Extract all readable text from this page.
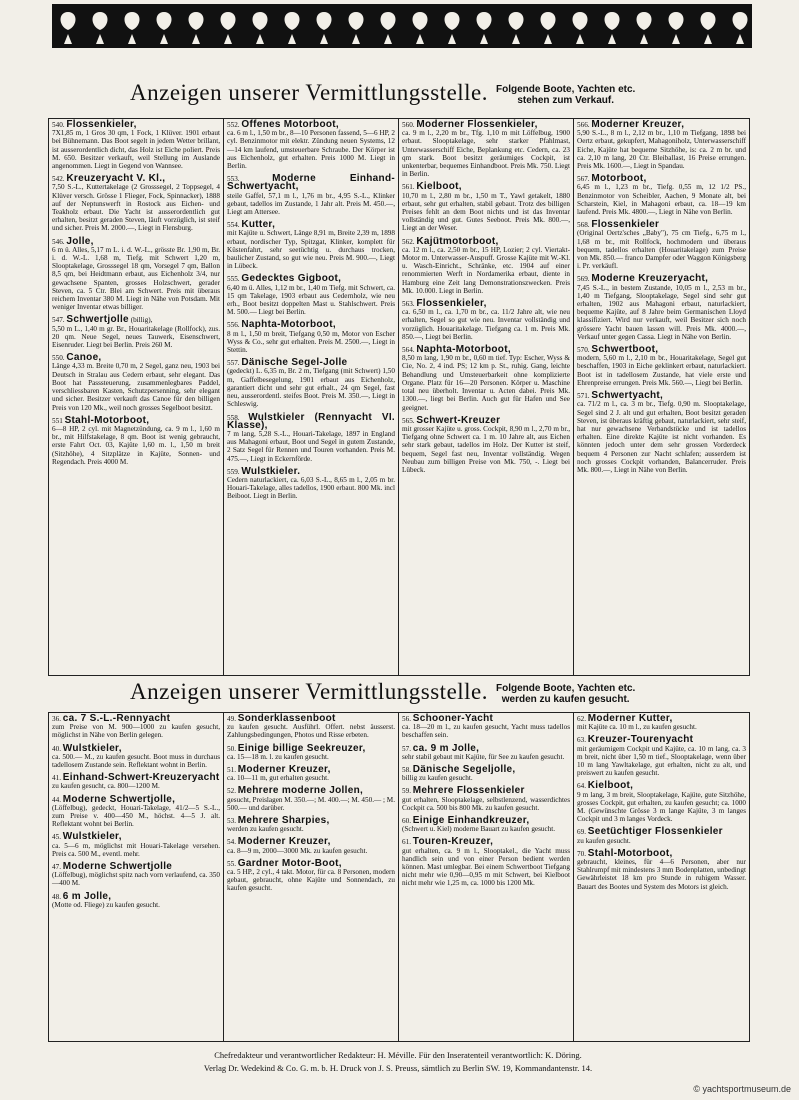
Anzeigen unserer Vermittlungsstelle. Folgende Boote, Yachten etc.
stehen zum Verkauf.
540. Flossenkieler,
7X1,85 m, 1 Gros 30 qm, 1 Fock, 1 Klüver. 1901 erbaut bei Bühnemann. Das Boot segelt in jedem Wetter brillant, ist ausserordentlich dicht, das Holz ist Eiche poliert. Preis M. 650. Besitzer verkauft, weil Stellung im Auslande angenommen. Liegt in Gegend von Wannsee.
542. Kreuzeryacht V. Kl.,
7,50 S.-L., Kuttertakelage (2 Grosssegel, 2 Toppsegel, 4 Klüver versch. Grösse 1 Flieger, Fock, Spinnacker), 1888 auf der Neptunswerft in Rostock aus Eichen- und Teakholz erbaut. Die Yacht ist ausserordentlich gut erhalten, besitzt geraden Steven, läuft vorzüglich, ist steif und sicher. Preis M. 2000.—, Liegt in Flensburg.
546. Jolle,
6 m ü. Alles, 5,17 m L. i. d. W.-L., grösste Br. 1,90 m, Br. i. d. W.-L. 1,68 m, Tiefg. mit Schwert 1,20 m, Slooptakelage, Grosssegel 18 qm, Vorsegel 7 qm, Ballon 8,5 qm, bei Heidtmann erbaut, aus Eichenholz 3/4, nur gewachsene Spanten, grosses Holzschwert, gerader Steven, ca. 5 Ctr. Blei am Schwert. Preis mit überaus reichem Inventar 380 M. Liegt in Nähe von Potsdam. Mit weniger Inventar etwas billiger.
547. Schwertjolle (billig),
5,50 m L., 1,40 m gr. Br., Houaritakelage (Rollfock), zus. 20 qm. Neue Segel, neues Tauwerk, Eisenschwert, Eisenruder. Liegt bei Berlin. Preis 260 M.
550. Canoe,
Länge 4,33 m. Breite 0,70 m, 2 Segel, ganz neu, 1903 bei Deutsch in Stralau aus Cedern erbaut, sehr elegant. Das Boot hat Passsteuerung, zusammenlegbares Paddel, verschliessbaren Kasten, Schutzpersenning, sehr elegant und sicher. Besitzer verkauft das Canoe für den billigen Preis von 120 Mk., weil noch grosses Segelboot besitzt.
551 Stahl-Motorboot,
6—8 HP, 2 cyl. mit Magnetzündung, ca. 9 m l., 1,60 m br., mit Hilfstakelage, 8 qm. Boot ist wenig gebraucht, erste Fahrt Oct. 03, Kajüte 1,60 m. l., 1,50 m breit (Sitzhöhe), 4 Sitzplätze in Kajüte, Sonnen- und Regendach. Preis 4000 M.
552. Offenes Motorboot,
ca. 6 m l., 1,50 m br., 8—10 Personen fassend, 5—6 HP, 2 cyl. Benzinmotor mit elektr. Zündung neuen Systems, 12—14 km laufend, umsteuerbare Schraube. Der Körper ist aus Eichenholz, gut erhalten. Preis 1000 M. Liegt in Berlin.
553.	Moderne Einhand-Schwertyacht,
steile Gaffel, 57,1 m l., 1,76 m br., 4,95 S.-L., Klinker gebaut, tadellos im Zustande, 1 Jahr alt. Preis M. 450.—, Liegt am Attersee.
554. Kutter,
mit Kajüte u. Schwert, Länge 8,91 m, Breite 2,39 m, 1898 erbaut, nordischer Typ, Spitzgat, Klinker, komplett für Küstenfahrt, sehr seetüchtig u. durchaus trocken, baulicher Zustand, so gut wie neu. Preis M. 900.—, Liegt in Lübeck.
555. Gedecktes Gigboot,
6,40 m ü. Alles, 1,12 m br., 1,40 m Tiefg. mit Schwert, ca. 15 qm Takelage, 1903 erbaut aus Cedernholz, wie neu erh., Boot besitzt doppelten Mast u. Stahlschwert. Preis M. 500.— Liegt bei Berlin.
556. Naphta-Motorboot,
8 m l., 1,50 m breit, Tiefgang 0,50 m, Motor von Escher Wyss & Co., sehr gut erhalten. Preis M. 2500.—, Liegt in Stettin.
557. Dänische Segel-Jolle
(gedeckt) L. 6,35 m, Br. 2 m, Tiefgang (mit Schwert) 1,50 m, Gaffelbesegelung, 1901 erbaut aus Eichenholz, garantiert dicht und sehr gut erhalt., 24 qm Segel, fast neu, ausserordentl. steifes Boot. Preis M. 350.—, Liegt in Schleswig.
558. Wulstkieler (Rennyacht VI. Klasse),
7 m lang, 5,28 S.-L., Houari-Takelage, 1897 in England aus Mahagoni erbaut, Boot und Segel in gutem Zustande, 2 Satz Segel für Rennen und Touren vorhanden. Preis M. 475.—, Liegt in Eckernförde.
559. Wulstkieler.
Cedern naturlackiert, ca. 6,03 S.-L., 8,65 m l., 2,05 m br. Houari-Takelage, alles tadellos, 1900 erbaut. 800 Mk. incl Beiboot. Liegt in Berlin.
560. Moderner Flossenkieler,
ca. 9 m l., 2,20 m br., Tfg. 1,10 m mit Löffelbug, 1900 erbaut. Slooptakelage, sehr starker Pfahlmast, Unterwasserschiff Eiche, Beplankung etc. Cedern, ca. 23 qm stark. Boot besitzt geräumiges Cockpit, ist unkenterbar, bequemes Einhandboot. Preis Mk. 750. Liegt in Berlin.
561. Kielboot,
10,70 m l., 2,80 m br., 1,50 m T., Yawl getakelt, 1880 erbaut, sehr gut erhalten, stabil gebaut. Trotz des billigen Preises fehlt an dem Boot nichts und ist das Inventar vollständig und gut. Gutes Seeboot. Preis Mk. 800.—, Liegt an der Weser.
562. Kajütmotorboot,
ca. 12 m l., ca. 2,50 m br., 15 HP, Lozier; 2 cyl. Viertakt-Motor m. Unterwasser-Auspuff. Grosse Kajüte mit W.-Kl. u. Wasch-Einricht., Schränke, etc. 1904 auf einer renommierten Werft in Nordamerika erbaut, diente in Hamburg eine Zeit lang Demonstrationszwecken. Preis Mk. 10.000. Liegt in Berlin.
563. Flossenkieler,
ca. 6,50 m l., ca. 1,70 m br., ca. 11/2 Jahre alt, wie neu erhalten, Segel so gut wie neu. Inventar vollständig und vorzüglich. Houaritakelage. Tiefgang ca. 1 m. Preis Mk. 850.—, Liegt bei Berlin.
564. Naphta-Motorboot,
8,50 m lang, 1,90 m br., 0,60 m tief. Typ: Escher, Wyss & Cie, No. 2, 4 ind. PS; 12 km p. St., ruhig. Gang, leichte Behandlung und Umsteuerbarkeit ohne komplizierte Organe. Platz für 16—20 Personen. Körper u. Maschine total neu überholt. Inventar u. Acten dabei. Preis Mk. 1300.—, liegt bei Berlin. Auch gut für Hafen und See geeignet.
565. Schwert-Kreuzer
mit grosser Kajüte u. gross. Cockpit, 8,90 m l., 2,70 m br., Tiefgang ohne Schwert ca. 1 m. 10 Jahre alt, aus Eichen sehr stark gebaut, tadellos im Holz. Der Kutter ist steif, bequem, Segel fast neu, Inventar vollständig. Wegen Neubau zum billigen Preise von Mk. 750, -. Liegt bei Lübeck.
566. Moderner Kreuzer,
5,90 S.-L., 8 m l., 2,12 m br., 1,10 m Tiefgang, 1898 bei Oertz erbaut, gekupfert, Mahagoniholz, Unterwasserschiff Eiche, Kajüte hat bequeme Sitzhöhe, is: ca. 2 m br. und ca. 2,10 m lang, 20 Ctr. Bleiballast, 16 Preise errungen. Preis Mk. 1600.—, Liegt in Spandau.
567. Motorboot,
6,45 m l., 1,23 m br., Tiefg. 0,55 m, 12 1/2 PS., Benzinmotor von Scheibler, Aachen, 9 Monate alt, bei Scharstein, Kiel, in Mahagoni erbaut, ca. 18—19 km laufend. Preis Mk. 4800.—, Liegt in Nähe von Berlin.
568. Flossenkieler
(Original Oertz'sches „Baby"), 75 cm Tiefg., 6,75 m l., 1,68 m br., mit Rollfock, hochmodern und überaus bequem, tadellos erhalten (Houaritakelage) zum Preise von Mk. 850.— franco Dampfer oder Waggon Königsberg i. Pr. verkäufl.
569. Moderne Kreuzeryacht,
7,45 S.-L., in bestem Zustande, 10,05 m l., 2,53 m br., 1,40 m Tiefgang, Slooptakelage, Segel sind sehr gut erhalten, 1902 aus Mahagoni erbaut, naturlackiert, bequeme Kajüte, auf 8 Jahre beim Germanischen Lloyd klassifiziert. Wird nur verkauft, weil Besitzer sich noch grössere Yacht bauen lassen will. Preis Mk. 4000.—, Verkauf unter gegen Cassa. Liegt in Nähe von Berlin.
570. Schwertboot,
modern, 5,60 m l., 2,10 m br., Houaritakelage, Segel gut beschaffen, 1903 in Eiche geklinkert erbaut, naturlackiert. Boot ist in tadellosem Zustande, hat viele erste und Ehrenpreise errungen. Preis Mk. 560.—, Liegt bei Berlin.
571. Schwertyacht,
ca. 71/2 m l., ca. 3 m br., Tiefg. 0,90 m. Slooptakelage, Segel sind 2 J. alt und gut erhalten, Boot besitzt geraden Steven, ist überaus kräftig gebaut, naturlackiert, sehr steif, hat nur gewachsene Verbandstücke und ist tadellos erhalten. Eine direkte Kajüte ist nicht vorhanden. Es könnten jedoch unter dem sehr grossen Vorderdeck bequem 4 Personen zur Nacht schlafen; ausserdem ist noch grosses Cockpit vorhanden, Balancerruder. Preis Mk. 800.—, Liegt in Nähe von Berlin.
Anzeigen unserer Vermittlungsstelle. Folgende Boote, Yachten etc.
werden zu kaufen gesucht.
36. ca. 7 S.-L.-Rennyacht
zum Preise von M. 900—1000 zu kaufen gesucht, möglichst in Nähe von Berlin gelegen.
40. Wulstkieler,
ca. 500.— M., zu kaufen gesucht. Boot muss in durchaus tadellosem Zustande sein. Reflektant wohnt in Berlin.
41. Einhand-Schwert-Kreuzeryacht
zu kaufen gesucht, ca. 800—1200 M.
44. Moderne Schwertjolle,
(Löffelbug), gedeckt, Houari-Takelage, 41/2—5 S.-L., zum Preise v. 400—450 M., höchst. 4—5 J. alt. Reflektant wohnt bei Berlin.
45. Wulstkieler,
ca. 5—6 m, möglichst mit Houari-Takelage versehen. Preis ca. 500 M., eventl. mehr.
47. Moderne Schwertjolle
(Löffelbug), möglichst spitz nach vorn verlaufend, ca. 350—400 M.
48. 6 m Jolle,
(Motte od. Fliege) zu kaufen gesucht.
49. Sonderklassenboot
zu kaufen gesucht. Ausführl. Offert. nebst äusserst. Zahlungsbedingungen, Photos und Risse erbeten.
50. Einige billige Seekreuzer,
ca. 15—18 m. l. zu kaufen gesucht.
51. Moderner Kreuzer,
ca. 10—11 m, gut erhalten gesucht.
52. Mehrere moderne Jollen,
gesucht, Preislagen M. 350.—; M. 400.—; M. 450.— ; M. 500.— und darüber.
53. Mehrere Sharpies,
werden zu kaufen gesucht.
54. Moderner Kreuzer,
ca. 8—9 m, 2000—3000 Mk. zu kaufen gesucht.
55. Gardner Motor-Boot,
ca. 5 HP., 2 cyl., 4 takt. Motor, für ca. 8 Personen, modern gebaut, gebraucht, ohne Kajüte und Sonnendach, zu kaufen gesucht.
56. Schooner-Yacht
ca. 18—20 m l., zu kaufen gesucht, Yacht muss tadellos beschaffen sein.
57. ca. 9 m Jolle,
sehr stabil gebaut mit Kajüte, für See zu kaufen gesucht.
58. Dänische Segeljolle,
billig zu kaufen gesucht.
59. Mehrere Flossenkieler
gut erhalten, Slooptakelage, selbstlenzend, wasserdichtes Cockpit ca. 500 bis 800 Mk. zu kaufen gesucht.
60. Einige Einhandkreuzer,
(Schwert u. Kiel) moderne Bauart zu kaufen gesucht.
61. Touren-Kreuzer,
gut erhalten, ca. 9 m l., Slooptakel., die Yacht muss handlich sein und von einer Person bedient werden können. Mast umlegbar. Bei einem Schwertboot Tiefgang nicht mehr wie 0,90—0,95 m mit Schwert, bei Kielboot nicht mehr wie 1,25 m, ca. 1000 bis 1200 Mk.
62. Moderner Kutter,
mit Kajüte ca. 10 m l., zu kaufen gesucht.
63. Kreuzer-Tourenyacht
mit geräumigem Cockpit und Kajüte, ca. 10 m lang, ca. 3 m breit, nicht über 1,50 m tief., Slooptakelage, wenn über 10 m lang Yawltakelage, gut erhalten, nicht zu alt, und preiswert zu kaufen gesucht.
64. Kielboot,
9 m lang, 3 m breit, Slooptakelage, Kajüte, gute Sitzhöhe, grosses Cockpit, gut erhalten, zu kaufen gesucht; ca. 1000 M. (Gewünschte Grösse 3 m lange Kajüte, 3 m langes Cockpit und 3 m langes Vordeck.
69. Seetüchtiger Flossenkieler
zu kaufen gesucht.
70. Stahl-Motorboot,
gebraucht, kleines, für 4—6 Personen, aber nur Stahlrumpf mit mindestens 3 mm Bodenplatten, unbedingt Gewährleistet 18 km pro Stunde in ruhigem Wasser. Bauart des Bootes und System des Motors ist gleich.
Chefredakteur und verantwortlicher Redakteur: H. Méville. Für den Inseratenteil verantwortlich: K. Döring.
Verlag Dr. Wedekind & Co. G. m. b. H. Druck von J. S. Preuss, sämtlich zu Berlin SW. 19, Kommandantenstr. 14.
© yachtsportmuseum.de
